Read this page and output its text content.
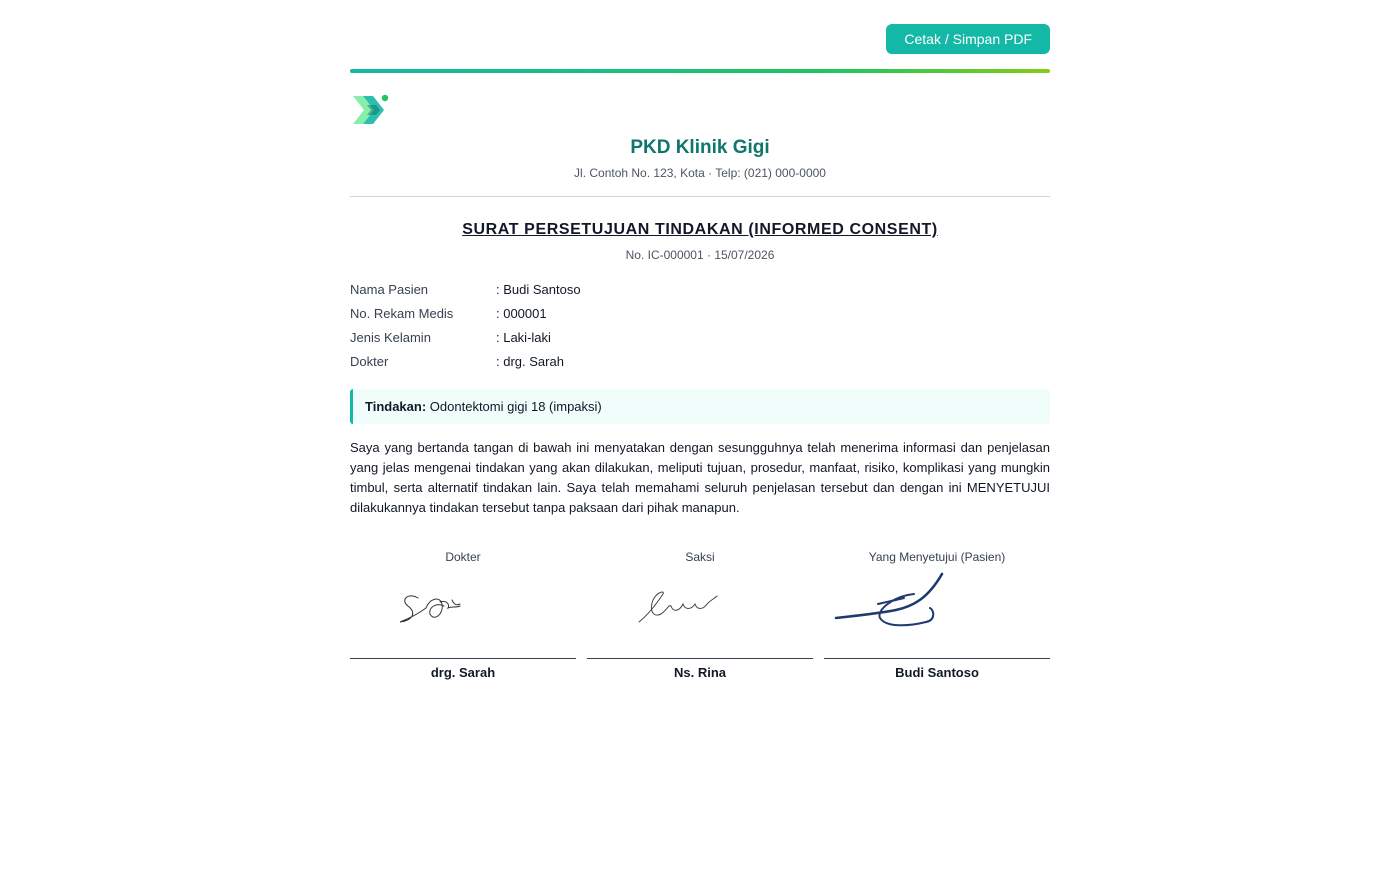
Cetak / Simpan PDF
PKD Klinik Gigi
Jl. Contoh No. 123, Kota · Telp: (021) 000-0000
SURAT PERSETUJUAN TINDAKAN (INFORMED CONSENT)
No. IC-000001 · 15/07/2026
Nama Pasien	: Budi Santoso
No. Rekam Medis	: 000001
Jenis Kelamin	: Laki-laki
Dokter	: drg. Sarah
Tindakan: Odontektomi gigi 18 (impaksi)
Saya yang bertanda tangan di bawah ini menyatakan dengan sesungguhnya telah menerima informasi dan penjelasan yang jelas mengenai tindakan yang akan dilakukan, meliputi tujuan, prosedur, manfaat, risiko, komplikasi yang mungkin timbul, serta alternatif tindakan lain. Saya telah memahami seluruh penjelasan tersebut dan dengan ini MENYETUJUI dilakukannya tindakan tersebut tanpa paksaan dari pihak manapun.
Dokter
drg. Sarah
Saksi
Ns. Rina
Yang Menyetujui (Pasien)
Budi Santoso
